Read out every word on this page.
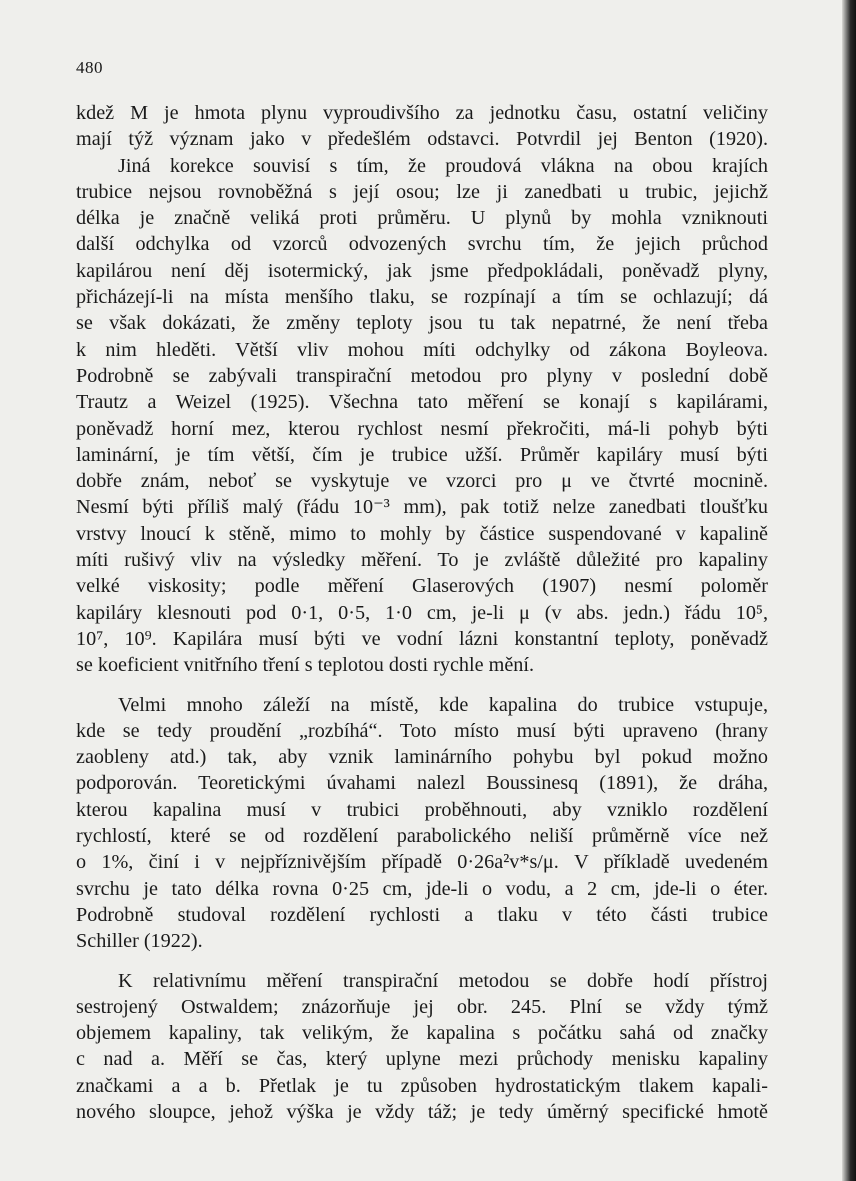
480
kdež M je hmota plynu vyproudivšího za jednotku času, ostatní veličiny
mají týž význam jako v předešlém odstavci. Potvrdil jej Benton (1920).
Jiná korekce souvisí s tím, že proudová vlákna na obou krajích
trubice nejsou rovnoběžná s její osou; lze ji zanedbati u trubic, jejichž
délka je značně veliká proti průměru. U plynů by mohla vzniknouti
další odchylka od vzorců odvozených svrchu tím, že jejich průchod
kapilárou není děj isotermický, jak jsme předpokládali, poněvadž plyny,
přicházejí-li na místa menšího tlaku, se rozpínají a tím se ochlazují; dá
se však dokázati, že změny teploty jsou tu tak nepatrné, že není třeba
k nim hleděti. Větší vliv mohou míti odchylky od zákona Boyleova.
Podrobně se zabývali transpirační metodou pro plyny v poslední době
Trautz a Weizel (1925). Všechna tato měření se konají s kapilárami,
poněvadž horní mez, kterou rychlost nesmí překročiti, má-li pohyb býti
laminární, je tím větší, čím je trubice užší. Průměr kapiláry musí býti
dobře znám, neboť se vyskytuje ve vzorci pro μ ve čtvrté mocnině.
Nesmí býti příliš malý (řádu 10⁻³ mm), pak totiž nelze zanedbati tloušťku
vrstvy lnoucí k stěně, mimo to mohly by částice suspendované v kapalině
míti rušivý vliv na výsledky měření. To je zvláště důležité pro kapaliny
velké viskosity; podle měření Glaserových (1907) nesmí poloměr
kapiláry klesnouti pod 0·1, 0·5, 1·0 cm, je-li μ (v abs. jedn.) řádu 10⁵,
10⁷, 10⁹. Kapilára musí býti ve vodní lázni konstantní teploty, poněvadž
se koeficient vnitřního tření s teplotou dosti rychle mění.
Velmi mnoho záleží na místě, kde kapalina do trubice vstupuje,
kde se tedy proudění „rozbíhá“. Toto místo musí býti upraveno (hrany
zaobleny atd.) tak, aby vznik laminárního pohybu byl pokud možno
podporován. Teoretickými úvahami nalezl Boussinesq (1891), že dráha,
kterou kapalina musí v trubici proběhnouti, aby vzniklo rozdělení
rychlostí, které se od rozdělení parabolického neliší průměrně více než
o 1%, činí i v nejpříznivějším případě 0·26a²v*s/μ. V příkladě uvedeném
svrchu je tato délka rovna 0·25 cm, jde-li o vodu, a 2 cm, jde-li o éter.
Podrobně studoval rozdělení rychlosti a tlaku v této části trubice
Schiller (1922).
K relativnímu měření transpirační metodou se dobře hodí přístroj
sestrojený Ostwaldem; znázorňuje jej obr. 245. Plní se vždy týmž
objemem kapaliny, tak velikým, že kapalina s počátku sahá od značky
c nad a. Měří se čas, který uplyne mezi průchody menisku kapaliny
značkami a a b. Přetlak je tu způsoben hydrostatickým tlakem kapali-
nového sloupce, jehož výška je vždy táž; je tedy úměrný specifické hmotě
